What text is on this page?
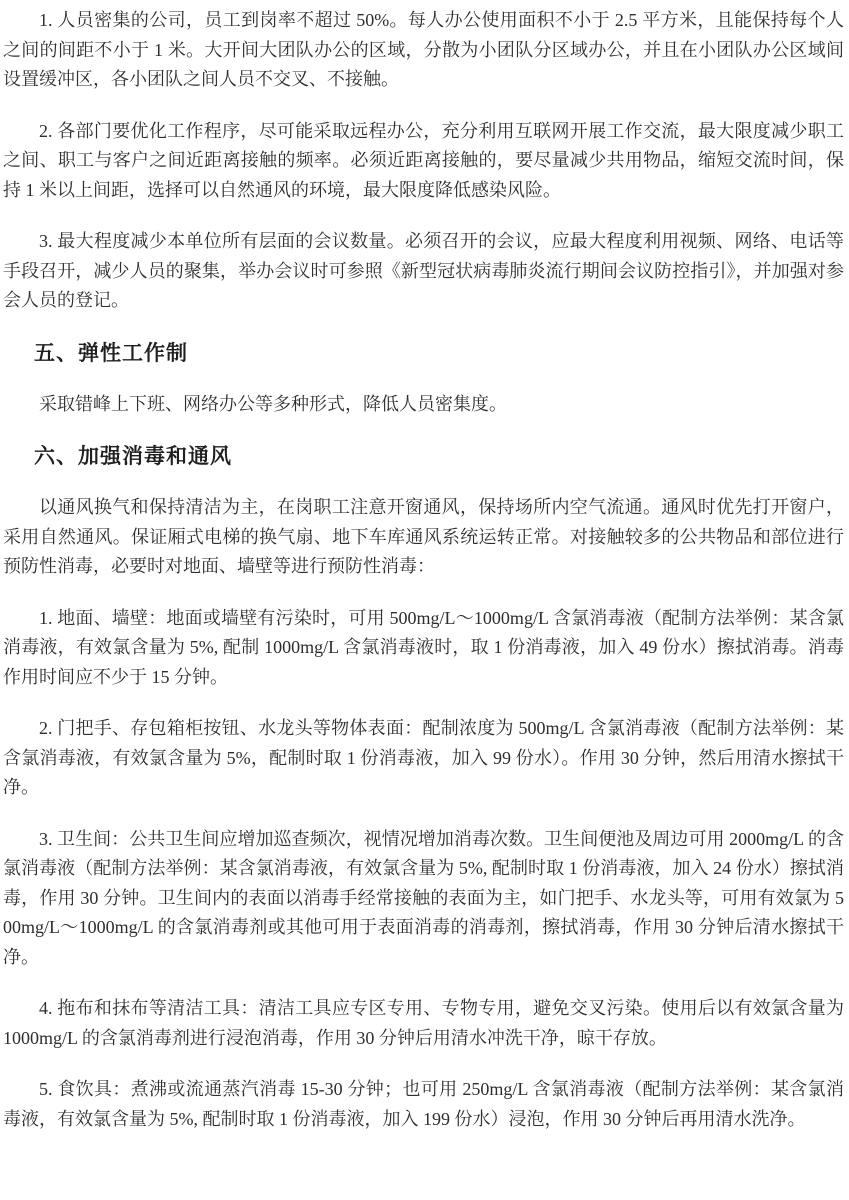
1. 人员密集的公司，员工到岗率不超过 50%。每人办公使用面积不小于 2.5 平方米，且能保持每个人之间的间距不小于 1 米。大开间大团队办公的区域，分散为小团队分区域办公，并且在小团队办公区域间设置缓冲区，各小团队之间人员不交叉、不接触。

2. 各部门要优化工作程序，尽可能采取远程办公，充分利用互联网开展工作交流，最大限度减少职工之间、职工与客户之间近距离接触的频率。必须近距离接触的，要尽量减少共用物品，缩短交流时间，保持 1 米以上间距，选择可以自然通风的环境，最大限度降低感染风险。

3. 最大程度减少本单位所有层面的会议数量。必须召开的会议，应最大程度利用视频、网络、电话等手段召开，减少人员的聚集，举办会议时可参照《新型冠状病毒肺炎流行期间会议防控指引》，并加强对参会人员的登记。

五、弹性工作制

采取错峰上下班、网络办公等多种形式，降低人员密集度。

六、加强消毒和通风

以通风换气和保持清洁为主，在岗职工注意开窗通风，保持场所内空气流通。通风时优先打开窗户，采用自然通风。保证厢式电梯的换气扇、地下车库通风系统运转正常。对接触较多的公共物品和部位进行预防性消毒，必要时对地面、墙壁等进行预防性消毒：

1. 地面、墙壁：地面或墙壁有污染时，可用 500mg/L～1000mg/L 含氯消毒液（配制方法举例：某含氯消毒液，有效氯含量为 5%, 配制 1000mg/L 含氯消毒液时，取 1 份消毒液，加入 49 份水）擦拭消毒。消毒作用时间应不少于 15 分钟。

2. 门把手、存包箱柜按钮、水龙头等物体表面：配制浓度为 500mg/L 含氯消毒液（配制方法举例：某含氯消毒液，有效氯含量为 5%，配制时取 1 份消毒液，加入 99 份水）。作用 30 分钟，然后用清水擦拭干净。

3. 卫生间：公共卫生间应增加巡查频次，视情况增加消毒次数。卫生间便池及周边可用 2000mg/L 的含氯消毒液（配制方法举例：某含氯消毒液，有效氯含量为 5%, 配制时取 1 份消毒液，加入 24 份水）擦拭消毒，作用 30 分钟。卫生间内的表面以消毒手经常接触的表面为主，如门把手、水龙头等，可用有效氯为 500mg/L～1000mg/L 的含氯消毒剂或其他可用于表面消毒的消毒剂，擦拭消毒，作用 30 分钟后清水擦拭干净。

4. 拖布和抹布等清洁工具：清洁工具应专区专用、专物专用，避免交叉污染。使用后以有效氯含量为 1000mg/L 的含氯消毒剂进行浸泡消毒，作用 30 分钟后用清水冲洗干净，晾干存放。

5. 食饮具：煮沸或流通蒸汽消毒 15-30 分钟；也可用 250mg/L 含氯消毒液（配制方法举例：某含氯消毒液，有效氯含量为 5%, 配制时取 1 份消毒液，加入 199 份水）浸泡，作用 30 分钟后再用清水洗净。
